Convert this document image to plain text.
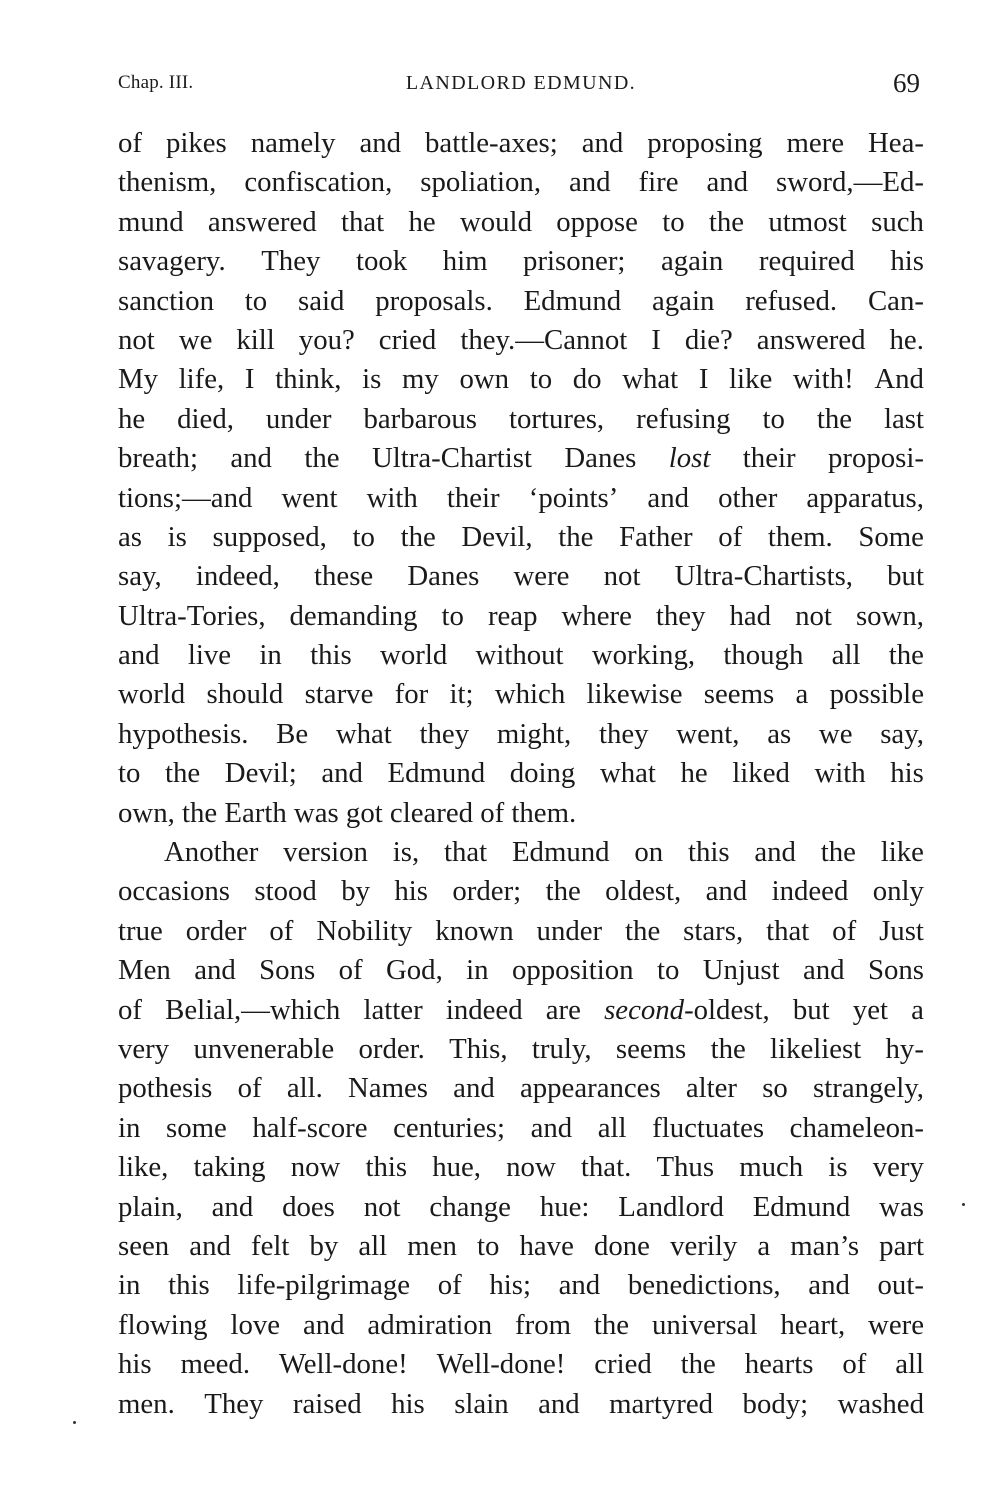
Chap. III.	LANDLORD EDMUND.	69
of pikes namely and battle-axes; and proposing mere Hea-
thenism, confiscation, spoliation, and fire and sword,—Ed-
mund answered that he would oppose to the utmost such
savagery. They took him prisoner; again required his
sanction to said proposals. Edmund again refused. Can-
not we kill you? cried they.—Cannot I die? answered he.
My life, I think, is my own to do what I like with! And
he died, under barbarous tortures, refusing to the last
breath; and the Ultra-Chartist Danes lost their proposi-
tions;—and went with their ‘points’ and other apparatus,
as is supposed, to the Devil, the Father of them. Some
say, indeed, these Danes were not Ultra-Chartists, but
Ultra-Tories, demanding to reap where they had not sown,
and live in this world without working, though all the
world should starve for it; which likewise seems a possible
hypothesis. Be what they might, they went, as we say,
to the Devil; and Edmund doing what he liked with his
own, the Earth was got cleared of them.
Another version is, that Edmund on this and the like
occasions stood by his order; the oldest, and indeed only
true order of Nobility known under the stars, that of Just
Men and Sons of God, in opposition to Unjust and Sons
of Belial,—which latter indeed are second-oldest, but yet a
very unvenerable order. This, truly, seems the likeliest hy-
pothesis of all. Names and appearances alter so strangely,
in some half-score centuries; and all fluctuates chameleon-
like, taking now this hue, now that. Thus much is very
plain, and does not change hue: Landlord Edmund was
seen and felt by all men to have done verily a man’s part
in this life-pilgrimage of his; and benedictions, and out-
flowing love and admiration from the universal heart, were
his meed. Well-done! Well-done! cried the hearts of all
men. They raised his slain and martyred body; washed
